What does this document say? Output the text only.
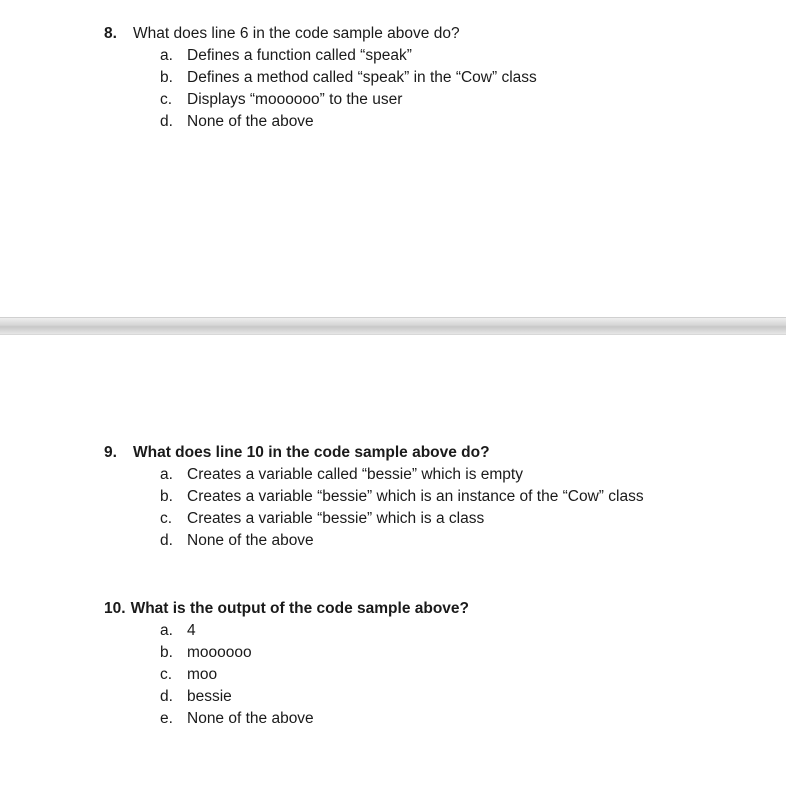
8.	What does line 6 in the code sample above do?
a. Defines a function called “speak”
b. Defines a method called “speak” in the “Cow” class
c. Displays “moooooo” to the user
d. None of the above
9.	What does line 10 in the code sample above do?
a. Creates a variable called “bessie” which is empty
b. Creates a variable “bessie” which is an instance of the “Cow” class
c. Creates a variable “bessie” which is a class
d. None of the above
10. What is the output of the code sample above?
a. 4
b. moooooo
c. moo
d. bessie
e. None of the above
